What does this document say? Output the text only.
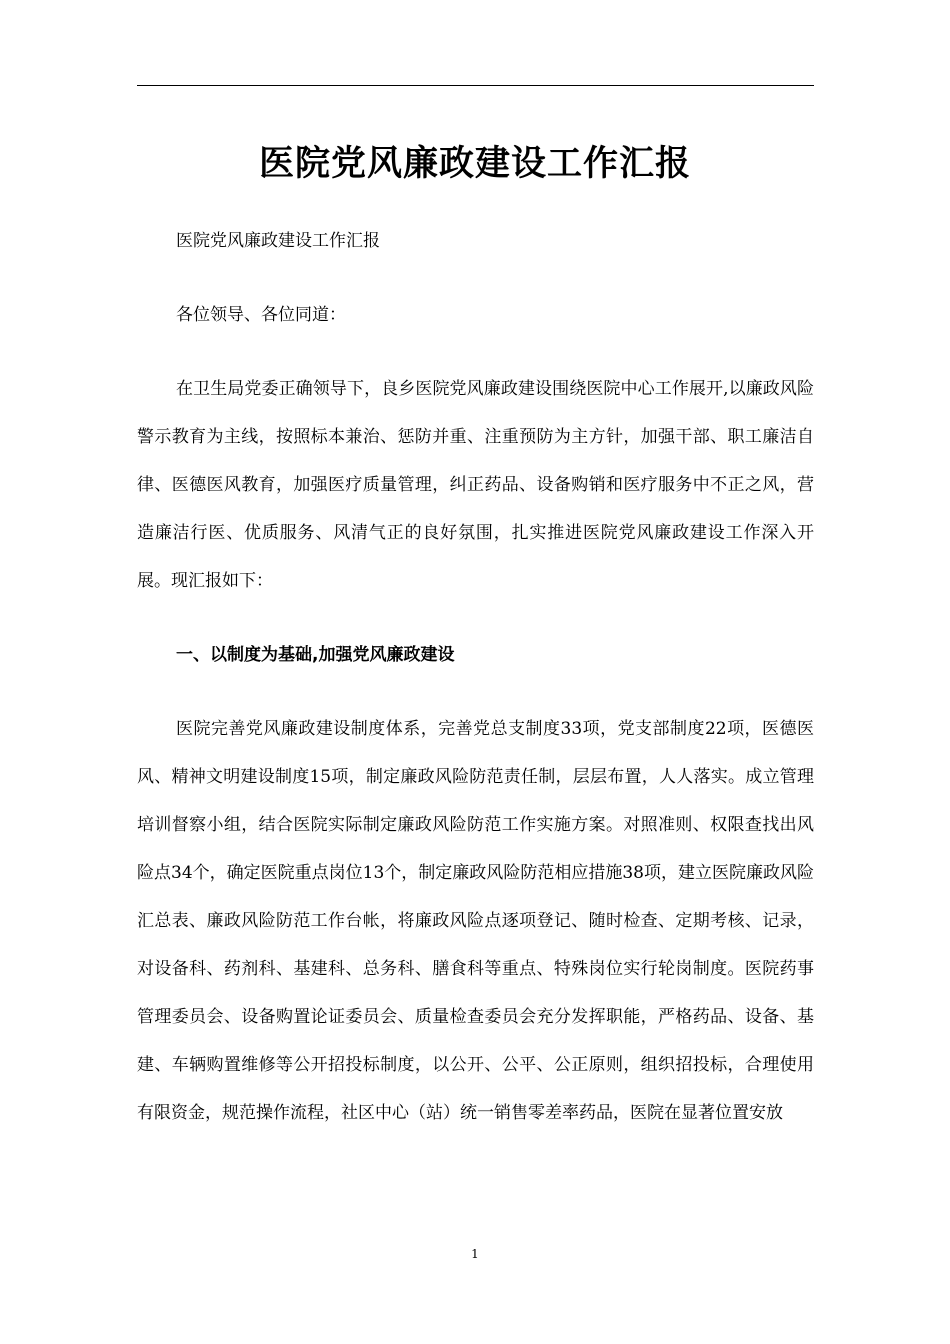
医院党风廉政建设工作汇报

医院党风廉政建设工作汇报

各位领导、各位同道：

在卫生局党委正确领导下，良乡医院党风廉政建设围绕医院中心工作展开,以廉政风险警示教育为主线，按照标本兼治、惩防并重、注重预防为主方针，加强干部、职工廉洁自律、医德医风教育，加强医疗质量管理，纠正药品、设备购销和医疗服务中不正之风，营造廉洁行医、优质服务、风清气正的良好氛围，扎实推进医院党风廉政建设工作深入开展。现汇报如下：

一、以制度为基础,加强党风廉政建设

医院完善党风廉政建设制度体系，完善党总支制度33项，党支部制度22项，医德医风、精神文明建设制度15项，制定廉政风险防范责任制，层层布置，人人落实。成立管理培训督察小组，结合医院实际制定廉政风险防范工作实施方案。对照准则、权限查找出风险点34个，确定医院重点岗位13个，制定廉政风险防范相应措施38项，建立医院廉政风险汇总表、廉政风险防范工作台帐，将廉政风险点逐项登记、随时检查、定期考核、记录，对设备科、药剂科、基建科、总务科、膳食科等重点、特殊岗位实行轮岗制度。医院药事管理委员会、设备购置论证委员会、质量检查委员会充分发挥职能，严格药品、设备、基建、车辆购置维修等公开招投标制度，以公开、公平、公正原则，组织招投标，合理使用有限资金，规范操作流程，社区中心（站）统一销售零差率药品，医院在显著位置安放

1
